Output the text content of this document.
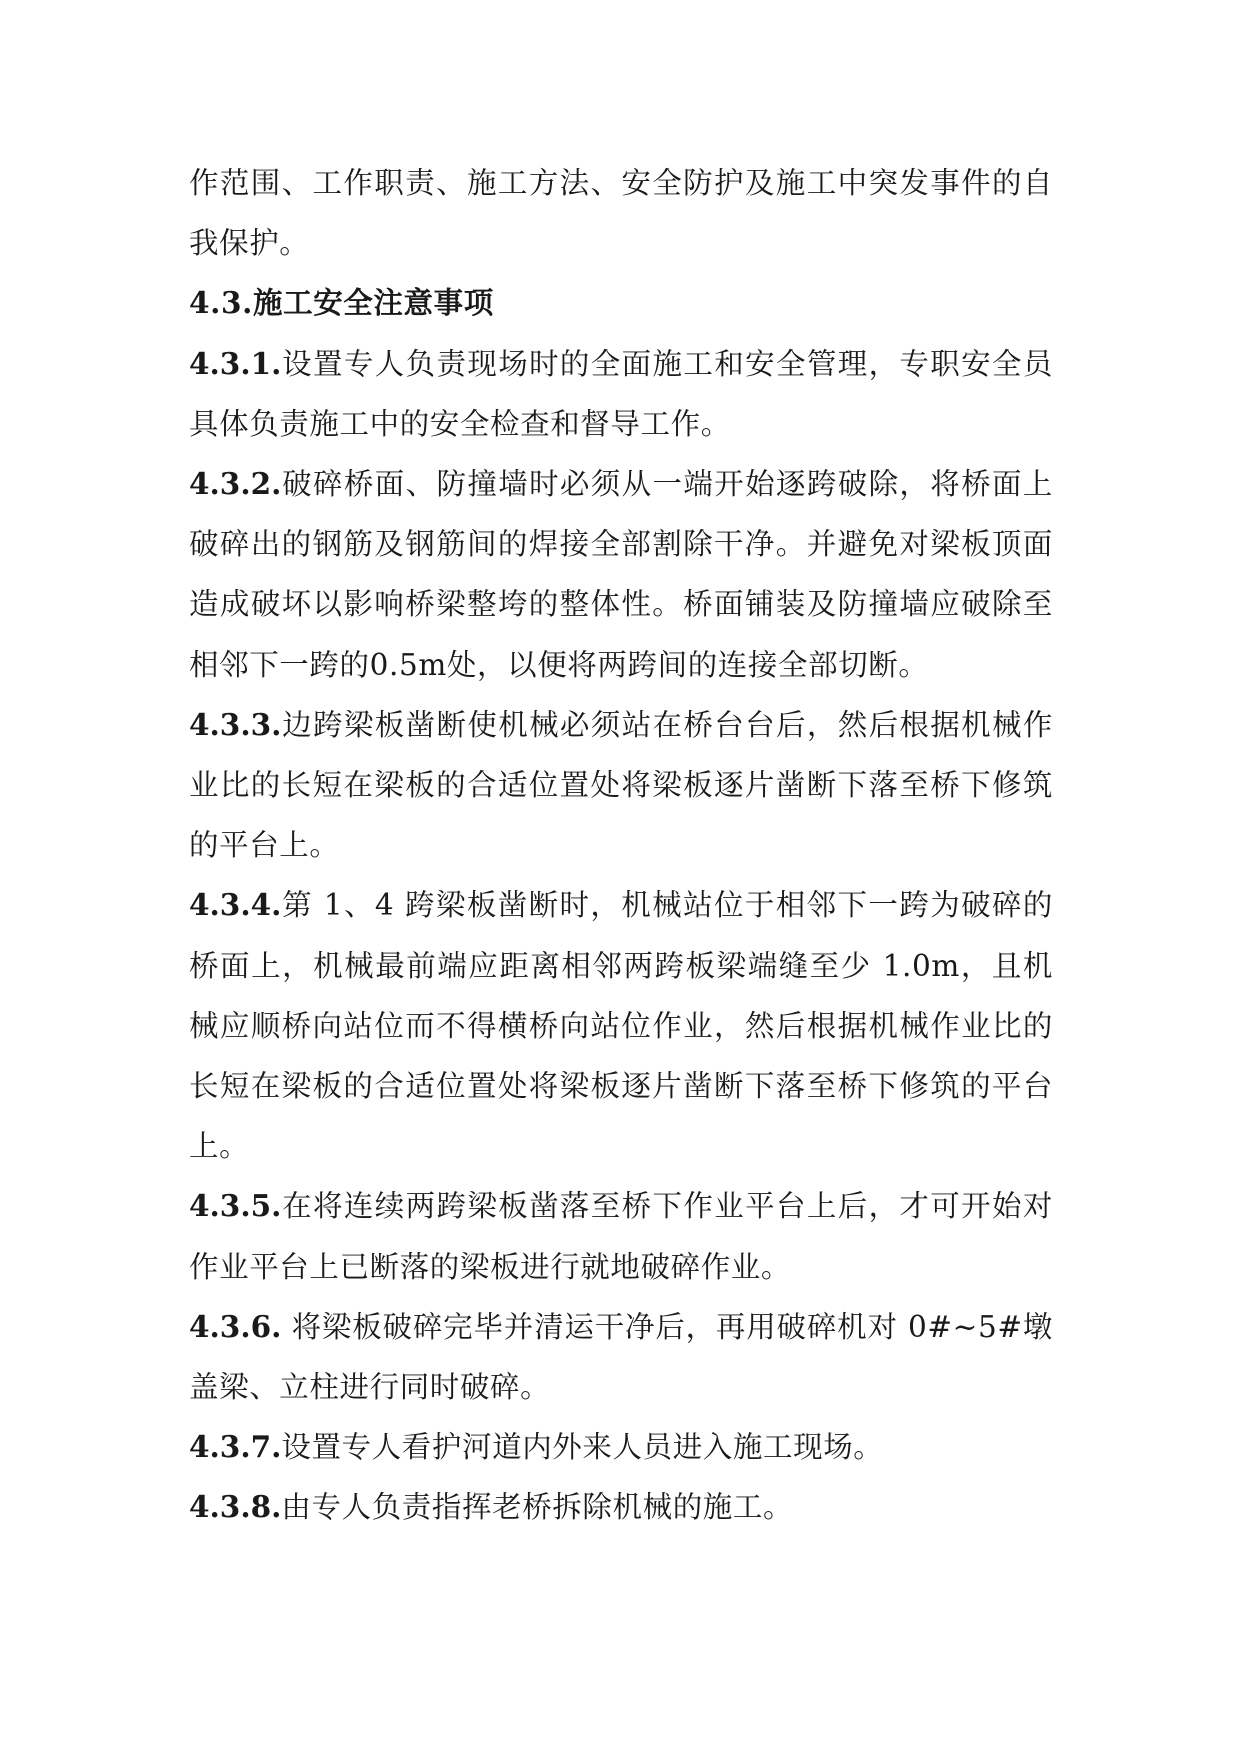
作范围、工作职责、施工方法、安全防护及施工中突发事件的自我保护。

4.3.施工安全注意事项

4.3.1.设置专人负责现场时的全面施工和安全管理，专职安全员具体负责施工中的安全检查和督导工作。

4.3.2.破碎桥面、防撞墙时必须从一端开始逐跨破除，将桥面上破碎出的钢筋及钢筋间的焊接全部割除干净。并避免对梁板顶面造成破坏以影响桥梁整垮的整体性。桥面铺装及防撞墙应破除至相邻下一跨的0.5m处，以便将两跨间的连接全部切断。

4.3.3.边跨梁板凿断使机械必须站在桥台台后，然后根据机械作业比的长短在梁板的合适位置处将梁板逐片凿断下落至桥下修筑的平台上。

4.3.4.第 1、4 跨梁板凿断时，机械站位于相邻下一跨为破碎的桥面上，机械最前端应距离相邻两跨板梁端缝至少 1.0m，且机械应顺桥向站位而不得横桥向站位作业，然后根据机械作业比的长短在梁板的合适位置处将梁板逐片凿断下落至桥下修筑的平台上。

4.3.5.在将连续两跨梁板凿落至桥下作业平台上后，才可开始对作业平台上已断落的梁板进行就地破碎作业。

4.3.6. 将梁板破碎完毕并清运干净后，再用破碎机对 0#~5#墩盖梁、立柱进行同时破碎。

4.3.7.设置专人看护河道内外来人员进入施工现场。

4.3.8.由专人负责指挥老桥拆除机械的施工。
